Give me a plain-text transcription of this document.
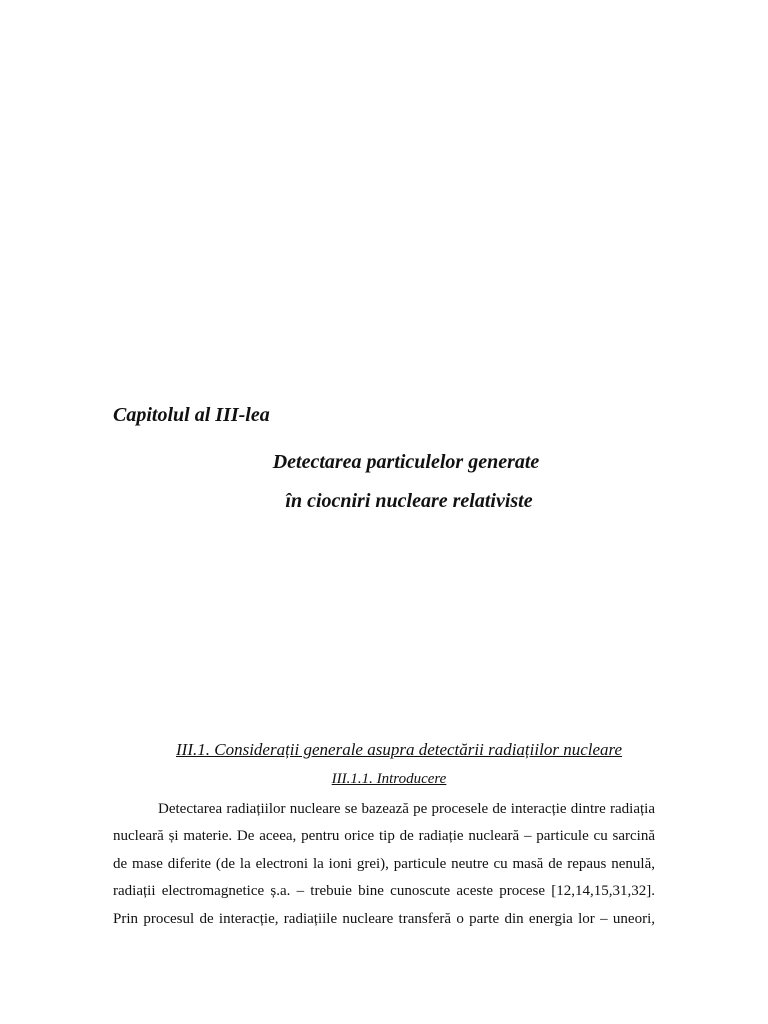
Capitolul al III-lea
Detectarea particulelor generate
în ciocniri nucleare relativiste
III.1. Considerații generale asupra detectării radiațiilor nucleare
III.1.1. Introducere
Detectarea radiațiilor nucleare se bazează pe procesele de interacție dintre radiația
nucleară și materie. De aceea, pentru orice tip de radiație nucleară – particule cu sarcină
de mase diferite (de la electroni la ioni grei), particule neutre cu masă de repaus nenulă,
radiații electromagnetice ș.a. – trebuie bine cunoscute aceste procese [12,14,15,31,32].
Prin procesul de interacție, radiațiile nucleare transferă o parte din energia lor – uneori,
